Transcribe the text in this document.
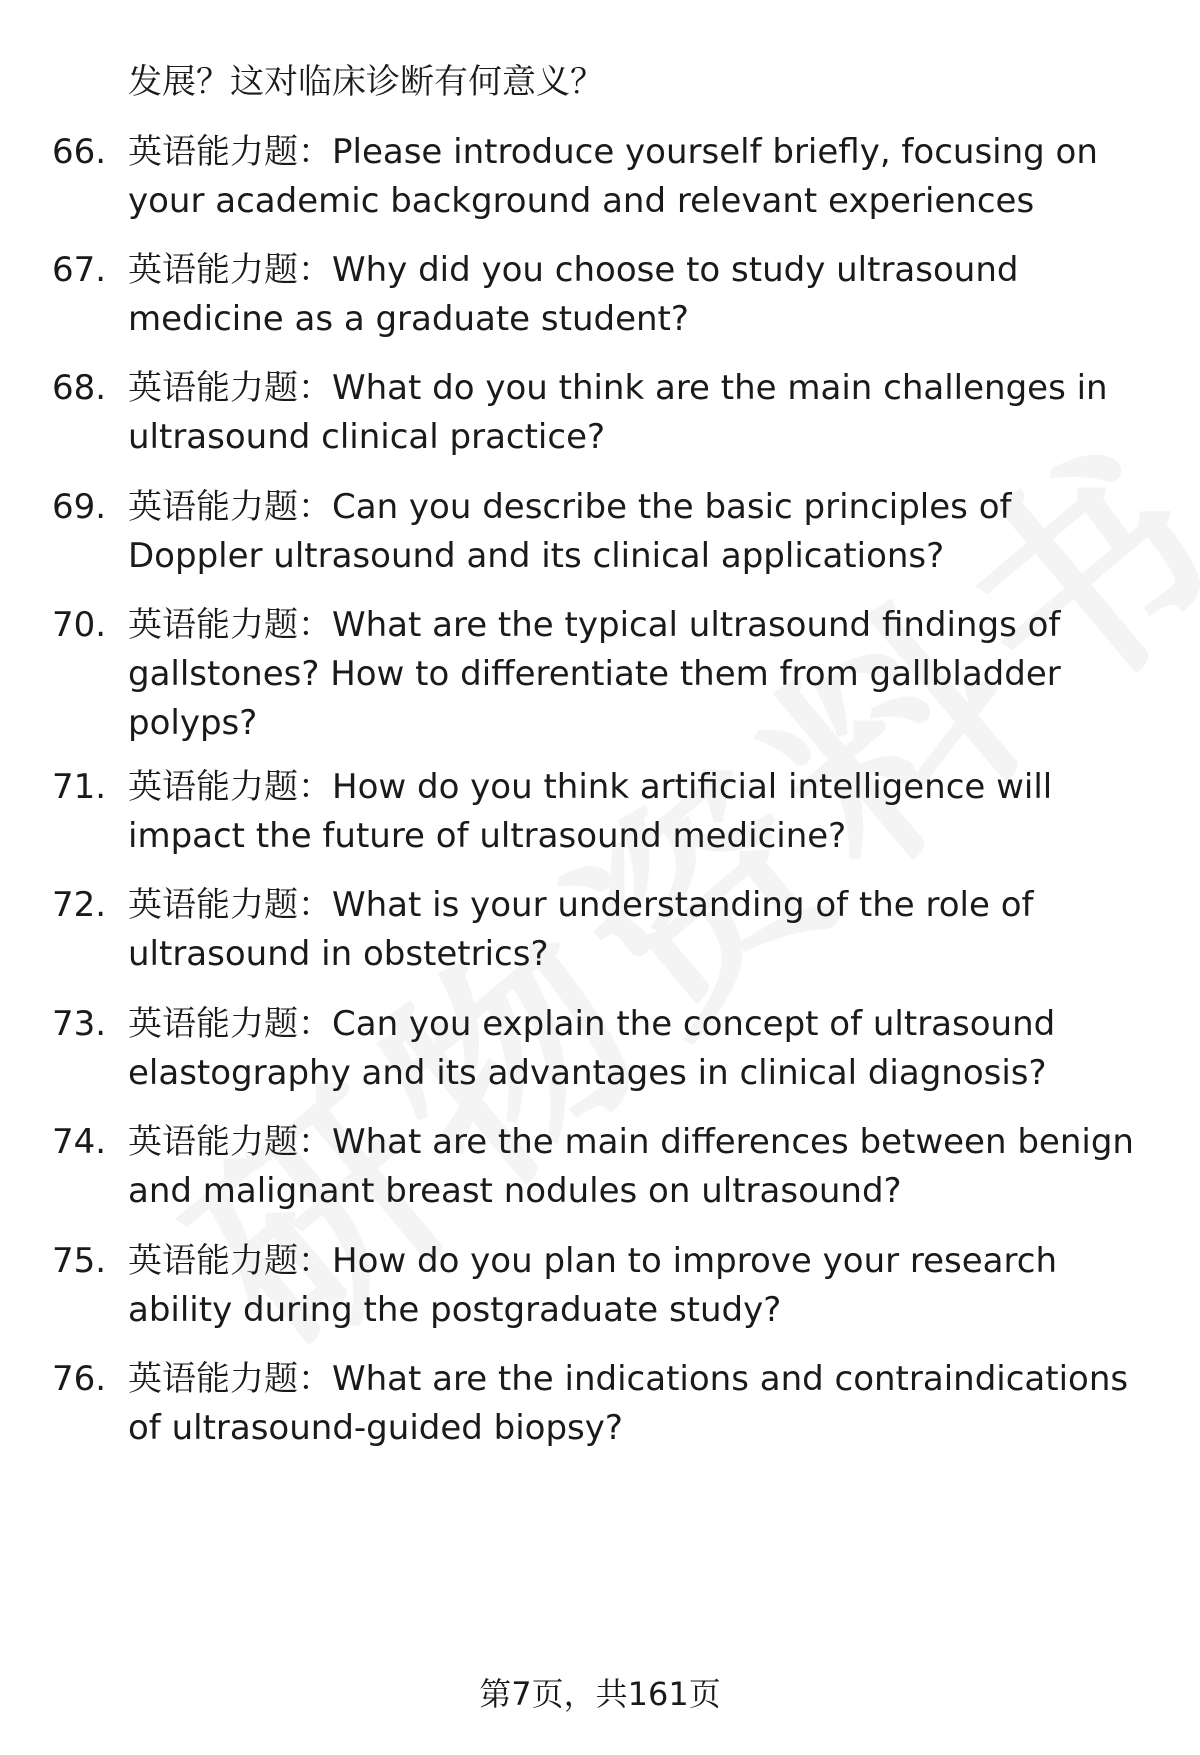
发展？这对临床诊断有何意义？
66. 英语能力题：Please introduce yourself briefly, focusing on your academic background and relevant experiences
67. 英语能力题：Why did you choose to study ultrasound medicine as a graduate student?
68. 英语能力题：What do you think are the main challenges in ultrasound clinical practice?
69. 英语能力题：Can you describe the basic principles of Doppler ultrasound and its clinical applications?
70. 英语能力题：What are the typical ultrasound findings of gallstones? How to differentiate them from gallbladder polyps?
71. 英语能力题：How do you think artificial intelligence will impact the future of ultrasound medicine?
72. 英语能力题：What is your understanding of the role of ultrasound in obstetrics?
73. 英语能力题：Can you explain the concept of ultrasound elastography and its advantages in clinical diagnosis?
74. 英语能力题：What are the main differences between benign and malignant breast nodules on ultrasound?
75. 英语能力题：How do you plan to improve your research ability during the postgraduate study?
76. 英语能力题：What are the indications and contraindications of ultrasound-guided biopsy?
第7页，共161页
